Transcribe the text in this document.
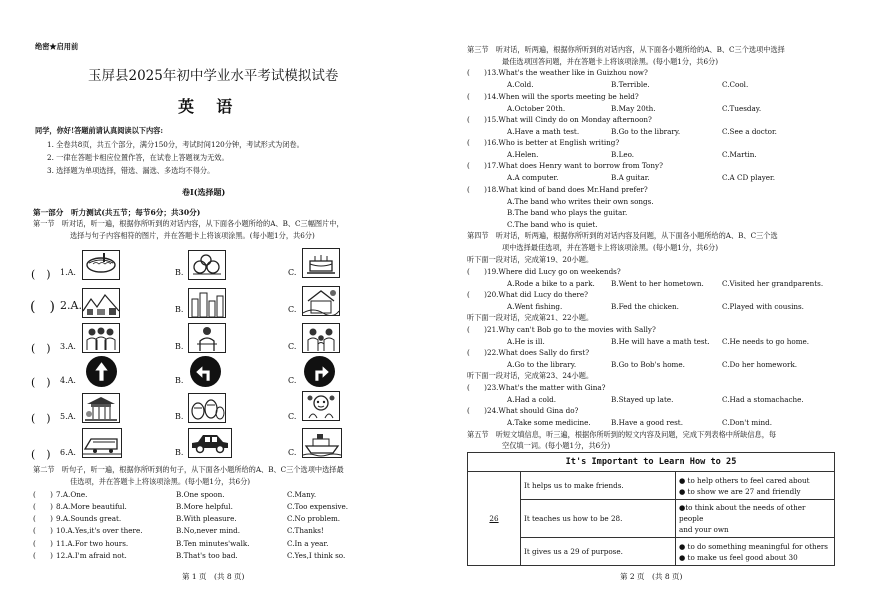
绝密★启用前
玉屏县2025年初中学业水平考试模拟试卷
英    语
同学，你好!答题前请认真阅读以下内容:
1. 全卷共8页，共五个部分，满分150分，考试时间120分钟，考试形式为闭卷。
2. 一律在答题卡相应位置作答，在试卷上答题视为无效。
3. 选择题为单项选择，错选、漏选、多选均不得分。
卷Ⅰ(选择题)
第一部分　听力测试(共五节；每节6分；共30分)
第一节　听对话，听一遍，根据你所听到的对话内容，从下面各小题所给的A、B、C三幅图片中，
选择与句子内容相符的图片，并在答题卡上将该项涂黑。(每小题1分，共6分)
(　) 1.A.	B.	C.
(　) 2.A.	B.	C.
(　) 3.A.	B.	C.
(　) 4.A.	B.	C.
(　) 5.A.	B.	C.
(　) 6.A.	B.	C.
第二节　听句子，听一遍，根据你所听到的句子，从下面各小题所给的A、B、C三个选项中选择最
佳选项，并在答题卡上将该项涂黑。(每小题1分，共6分)
(　　) 7.A.One.	B.One spoon.	C.Many.
(　　) 8.A.More beautiful.	B.More helpful.	C.Too expensive.
(　　) 9.A.Sounds great.	B.With pleasure.	C.No problem.
(　　) 10.A.Yes,it's over there.	B.No,never mind.	C.Thanks!
(　　) 11.A.For two hours.	B.Ten minutes'walk.	C.In a year.
(　　) 12.A.I'm afraid not.	B.That's too bad.	C.Yes,I think so.
第 1 页　(共 8 页)
第三节　听对话，听两遍，根据你所听到的对话内容，从下面各小题所给的A、B、C三个选项中选择
最佳选项回答问题，并在答题卡上将该项涂黑。(每小题1分，共6分)
(　　) 13.What's the weather like in Guizhou now?
A.Cold.	B.Terrible.	C.Cool.
(　　) 14.When will the sports meeting be held?
A.October 20th.	B.May 20th.	C.Tuesday.
(　　) 15.What will Cindy do on Monday afternoon?
A.Have a math test.	B.Go to the library.	C.See a doctor.
(　　) 16.Who is better at English writing?
A.Helen.	B.Leo.	C.Martin.
(　　) 17.What does Henry want to borrow from Tony?
A.A computer.	B.A guitar.	C.A CD player.
(　　) 18.What kind of band does Mr.Hand prefer?
A.The band who writes their own songs.
B.The band who plays the guitar.
C.The band who is quiet.
第四节　听对话，听两遍，根据你所听到的对话内容及问题，从下面各小题所给的A、B、C三个选
项中选择最佳选项，并在答题卡上将该项涂黑。(每小题1分，共6分)
听下面一段对话，完成第19、20小题。
(　　) 19.Where did Lucy go on weekends?
A.Rode a bike to a park. B.Went to her hometown.	C.Visited her grandparents.
(　　) 20.What did Lucy do there?
A.Went fishing.	B.Fed the chicken.	C.Played with cousins.
听下面一段对话，完成第21、22小题。
(　　) 21.Why can't Bob go to the movies with Sally?
A.He is ill.	B.He will have a math test. C.He needs to go home.
(　　) 22.What does Sally do first?
A.Go to the library.	B.Go to Bob's home.	C.Do her homework.
听下面一段对话，完成第23、24小题。
(　　) 23.What's the matter with Gina?
A.Had a cold.	B.Stayed up late.	C.Had a stomachache.
(　　) 24.What should Gina do?
A.Take some medicine.	B.Have a good rest.	C.Don't mind.
第五节　听短文填信息，听三遍，根据你所听到的短文内容及问题，完成下列表格中所缺信息，每
空仅填一词。(每小题1分，共6分)
It's Important to Learn How to 25		
26	It helps us to make friends.	● to help others to feel cared about
● to show we are 27 and friendly
	It teaches us how to be 28.	●to think about the needs of other people
and your own
	It gives us a 29 of purpose.	● to do something meaningful for others
● to make us feel good about 30
第 2 页　(共 8 页)
